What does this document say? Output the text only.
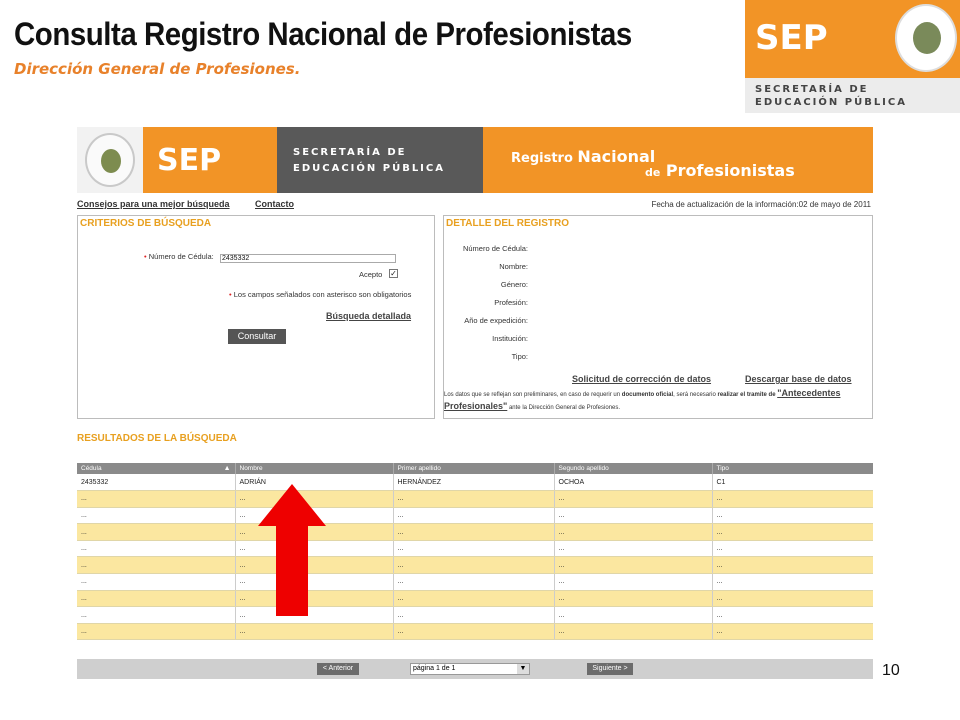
Consulta Registro Nacional de Profesionistas
Dirección General de Profesiones.
SEP
SECRETARÍA DE
EDUCACIÓN PÚBLICA
10
SEP	SECRETARÍA DE
EDUCACIÓN PÚBLICA
Registro Nacional
de Profesionistas
Consejos para una mejor búsqueda	Contacto	Fecha de actualización de la información:02 de mayo de 2011
CRITERIOS DE BÚSQUEDA
• Número de Cédula: 2435332
Acepto ✓
• Los campos señalados con asterisco son obligatorios
Búsqueda detallada
Consultar
DETALLE DEL REGISTRO
Número de Cédula:
Nombre:
Género:
Profesión:
Año de expedición:
Institución:
Tipo:
Solicitud de corrección de datos	Descargar base de datos
Los datos que se reflejan son preliminares, en caso de requerir un documento oficial, será necesario realizar el tramite de "Antecedentes Profesionales" ante la Dirección General de Profesiones.
RESULTADOS DE LA BÚSQUEDA
Cédula ▲	Nombre	Primer apellido	Segundo apellido	Tipo
2435332	ADRIÁN	HERNÁNDEZ	OCHOA	C1
...	...	...	...	...
...	...	...	...	...
...	...	...	...	...
...	...	...	...	...
...	...	...	...	...
...	...	...	...	...
...	...	...	...	...
...	...	...	...	...
...	...	...	...	...
< Anterior	página 1 de 1	▼	Siguiente >
